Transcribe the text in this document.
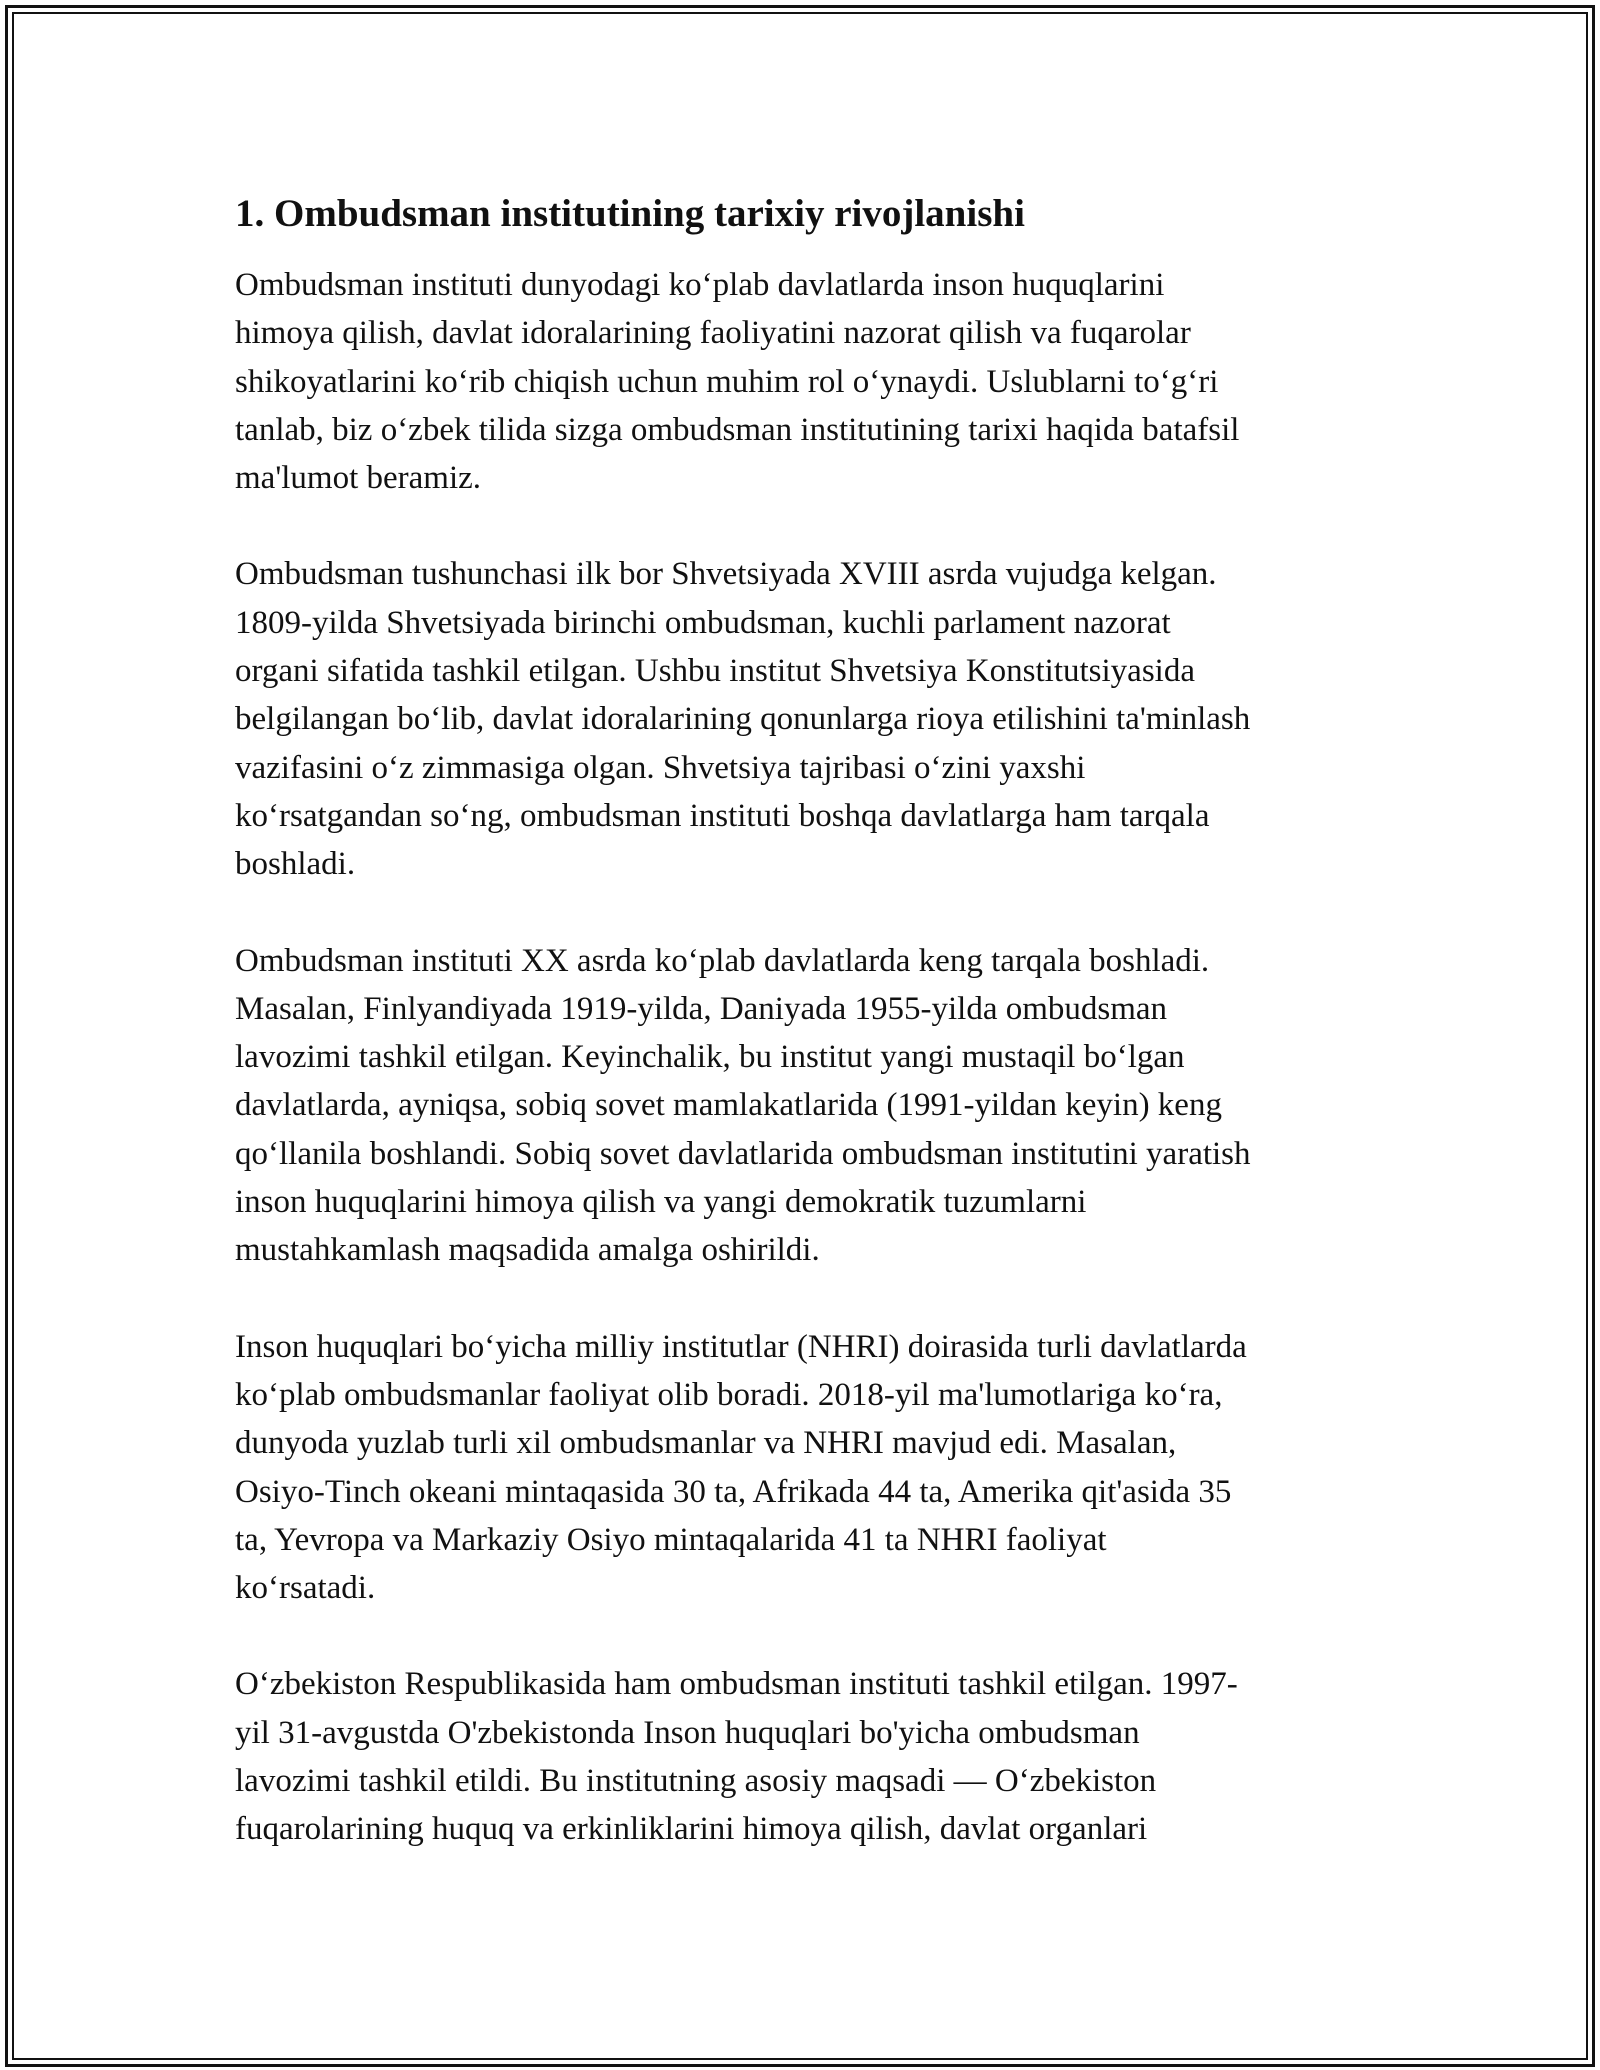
1. Ombudsman institutining tarixiy rivojlanishi

Ombudsman instituti dunyodagi koʻplab davlatlarda inson huquqlarini
himoya qilish, davlat idoralarining faoliyatini nazorat qilish va fuqarolar
shikoyatlarini koʻrib chiqish uchun muhim rol oʻynaydi. Uslublarni toʻgʻri
tanlab, biz oʻzbek tilida sizga ombudsman institutining tarixi haqida batafsil
ma'lumot beramiz.

Ombudsman tushunchasi ilk bor Shvetsiyada XVIII asrda vujudga kelgan.
1809-yilda Shvetsiyada birinchi ombudsman, kuchli parlament nazorat
organi sifatida tashkil etilgan. Ushbu institut Shvetsiya Konstitutsiyasida
belgilangan boʻlib, davlat idoralarining qonunlarga rioya etilishini ta'minlash
vazifasini oʻz zimmasiga olgan. Shvetsiya tajribasi oʻzini yaxshi
koʻrsatgandan soʻng, ombudsman instituti boshqa davlatlarga ham tarqala
boshladi.

Ombudsman instituti XX asrda koʻplab davlatlarda keng tarqala boshladi.
Masalan, Finlyandiyada 1919-yilda, Daniyada 1955-yilda ombudsman
lavozimi tashkil etilgan. Keyinchalik, bu institut yangi mustaqil boʻlgan
davlatlarda, ayniqsa, sobiq sovet mamlakatlarida (1991-yildan keyin) keng
qoʻllanila boshlandi. Sobiq sovet davlatlarida ombudsman institutini yaratish
inson huquqlarini himoya qilish va yangi demokratik tuzumlarni
mustahkamlash maqsadida amalga oshirildi.

Inson huquqlari boʻyicha milliy institutlar (NHRI) doirasida turli davlatlarda
koʻplab ombudsmanlar faoliyat olib boradi. 2018-yil ma'lumotlariga koʻra,
dunyoda yuzlab turli xil ombudsmanlar va NHRI mavjud edi. Masalan,
Osiyo-Tinch okeani mintaqasida 30 ta, Afrikada 44 ta, Amerika qit'asida 35
ta, Yevropa va Markaziy Osiyo mintaqalarida 41 ta NHRI faoliyat
koʻrsatadi.

Oʻzbekiston Respublikasida ham ombudsman instituti tashkil etilgan. 1997-
yil 31-avgustda O'zbekistonda Inson huquqlari bo'yicha ombudsman
lavozimi tashkil etildi. Bu institutning asosiy maqsadi — Oʻzbekiston
fuqarolarining huquq va erkinliklarini himoya qilish, davlat organlari
